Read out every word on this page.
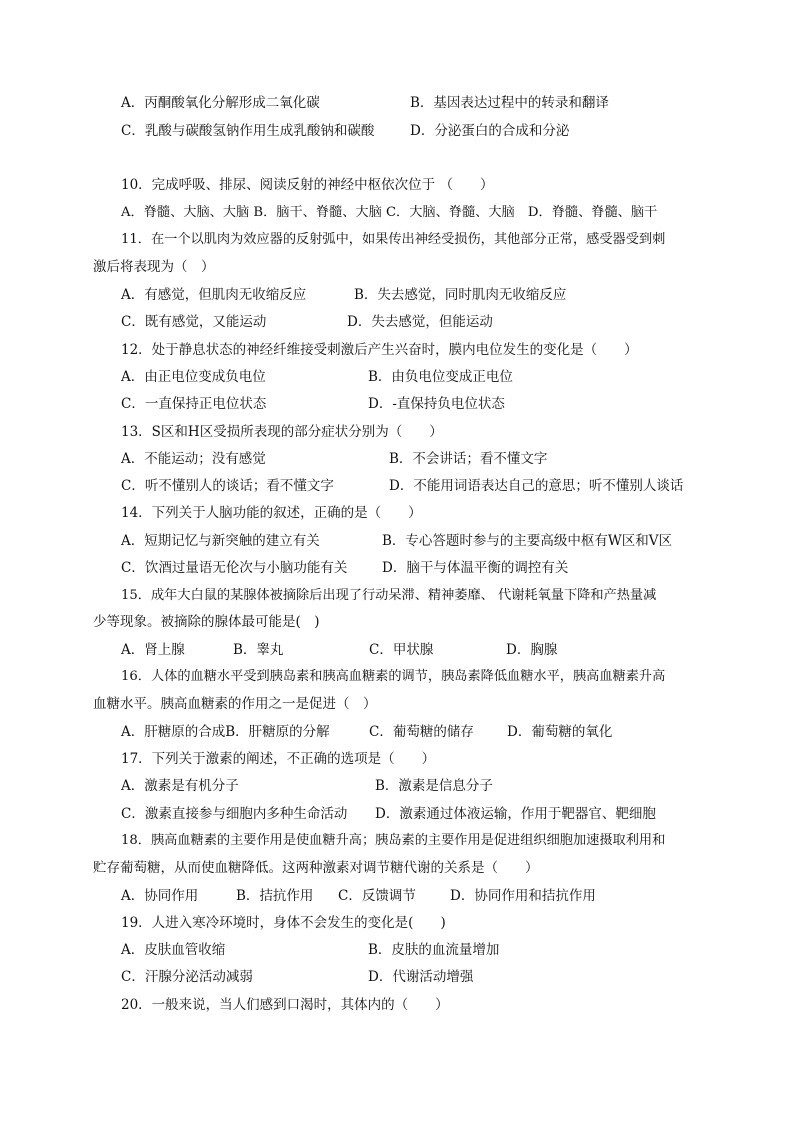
A．丙酮酸氧化分解形成二氧化碳	B．基因表达过程中的转录和翻译
C．乳酸与碳酸氢钠作用生成乳酸钠和碳酸	D．分泌蛋白的合成和分泌
10．完成呼吸、排尿、阅读反射的神经中枢依次位于 （　　）
A．脊髓、大脑、大脑 B．脑干、脊髓、大脑 C．大脑、脊髓、大脑　D．脊髓、脊髓、脑干
11．在一个以肌肉为效应器的反射弧中，如果传出神经受损伤，其他部分正常，感受器受到刺
激后将表现为（　）
A．有感觉，但肌肉无收缩反应	B．失去感觉，同时肌肉无收缩反应
C．既有感觉，又能运动	D．失去感觉，但能运动
12．处于静息状态的神经纤维接受刺激后产生兴奋时，膜内电位发生的变化是（　　）
A．由正电位变成负电位	B．由负电位变成正电位
C．一直保持正电位状态	D．-直保持负电位状态
13．S区和H区受损所表现的部分症状分别为（　　）
A．不能运动；没有感觉	B．不会讲话；看不懂文字
C．听不懂别人的谈话；看不懂文字	D．不能用词语表达自己的意思；听不懂别人谈话
14．下列关于人脑功能的叙述，正确的是（　　）
A．短期记忆与新突触的建立有关	B．专心答题时参与的主要高级中枢有W区和V区
C．饮酒过量语无伦次与小脑功能有关	D．脑干与体温平衡的调控有关
15．成年大白鼠的某腺体被摘除后出现了行动呆滞、精神萎靡、 代谢耗氧量下降和产热量减
少等现象。被摘除的腺体最可能是(　)
A．肾上腺	B．睾丸	C．甲状腺	D．胸腺
16．人体的血糖水平受到胰岛素和胰高血糖素的调节，胰岛素降低血糖水平，胰高血糖素升高
血糖水平。胰高血糖素的作用之一是促进（　）
A．肝糖原的合成B．肝糖原的分解	C．葡萄糖的储存 D．葡萄糖的氧化
17．下列关于激素的阐述，不正确的选项是（　　）
A．激素是有机分子	B．激素是信息分子
C．激素直接参与细胞内多种生命活动 D．激素通过体液运输，作用于靶器官、靶细胞
18．胰高血糖素的主要作用是使血糖升高；胰岛素的主要作用是促进组织细胞加速摄取利用和
贮存葡萄糖，从而使血糖降低。这两种激素对调节糖代谢的关系是（　　）
A．协同作用	B．拮抗作用 C．反馈调节	D．协同作用和拮抗作用
19．人进入寒冷环境时，身体不会发生的变化是(　　)
A．皮肤血管收缩	B．皮肤的血流量增加
C．汗腺分泌活动减弱	D．代谢活动增强
20．一般来说，当人们感到口渴时，其体内的（　　）
